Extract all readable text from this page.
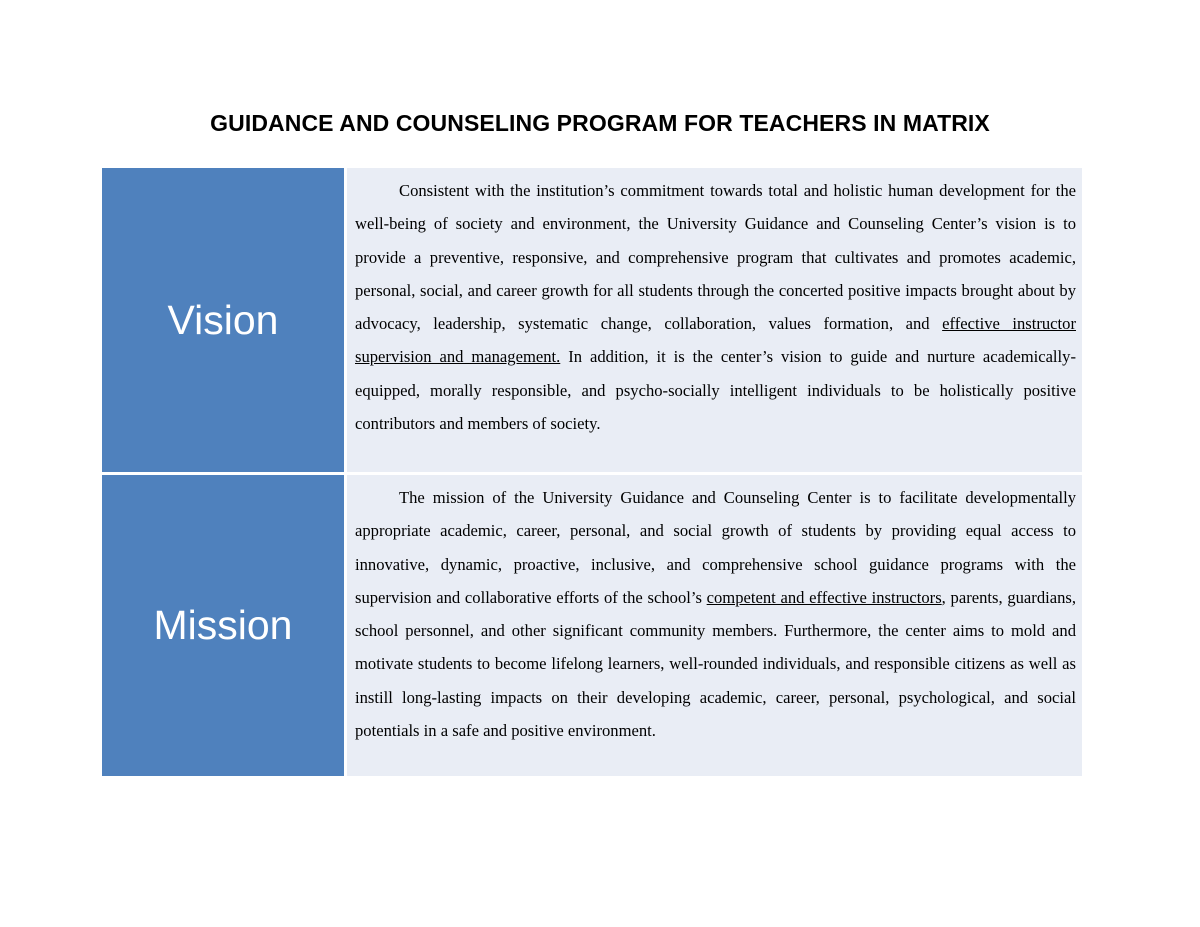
GUIDANCE AND COUNSELING PROGRAM FOR TEACHERS IN MATRIX
Vision

Consistent with the institution’s commitment towards total and holistic human development for the well-being of society and environment, the University Guidance and Counseling Center’s vision is to provide a preventive, responsive, and comprehensive program that cultivates and promotes academic, personal, social, and career growth for all students through the concerted positive impacts brought about by advocacy, leadership, systematic change, collaboration, values formation, and effective instructor supervision and management. In addition, it is the center’s vision to guide and nurture academically-equipped, morally responsible, and psycho-socially intelligent individuals to be holistically positive contributors and members of society.

Mission

The mission of the University Guidance and Counseling Center is to facilitate developmentally appropriate academic, career, personal, and social growth of students by providing equal access to innovative, dynamic, proactive, inclusive, and comprehensive school guidance programs with the supervision and collaborative efforts of the school’s competent and effective instructors, parents, guardians, school personnel, and other significant community members. Furthermore, the center aims to mold and motivate students to become lifelong learners, well-rounded individuals, and responsible citizens as well as instill long-lasting impacts on their developing academic, career, personal, psychological, and social potentials in a safe and positive environment.
